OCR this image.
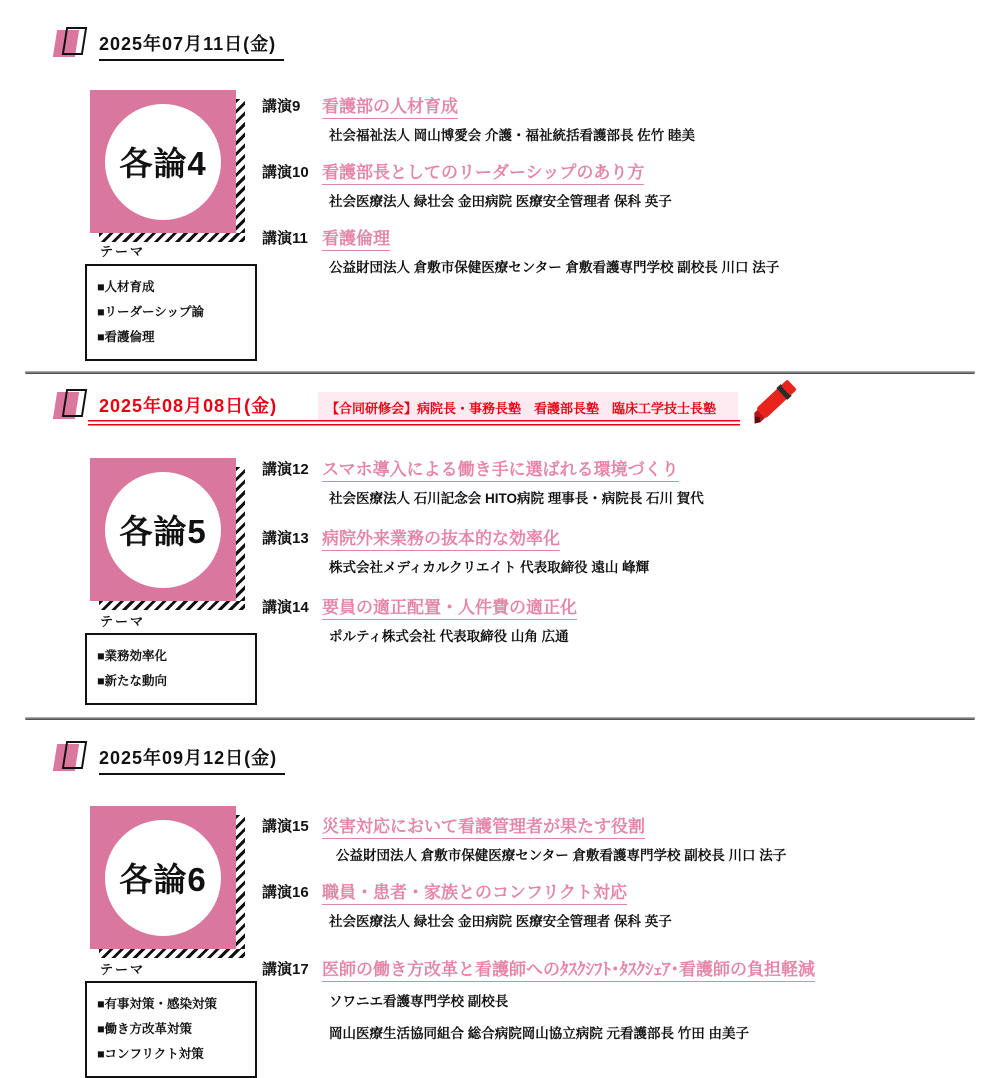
2025年07月11日(金)
各論4
テーマ
■人材育成
■リーダーシップ論
■看護倫理
講演9	看護部の人材育成
社会福祉法人 岡山博愛会 介護・福祉統括看護部長 佐竹 睦美
講演10 看護部長としてのリーダーシップのあり方
社会医療法人 緑壮会 金田病院 医療安全管理者 保科 英子
講演11 看護倫理
公益財団法人 倉敷市保健医療センター 倉敷看護専門学校 副校長 川口 法子
2025年08月08日(金)	【合同研修会】病院長・事務長塾　看護部長塾　臨床工学技士長塾
各論5
テーマ
■業務効率化
■新たな動向
講演12 スマホ導入による働き手に選ばれる環境づくり
社会医療法人 石川記念会 HITO病院 理事長・病院長 石川 賀代
講演13 病院外来業務の抜本的な効率化
株式会社メディカルクリエイト 代表取締役 遠山 峰輝
講演14 要員の適正配置・人件費の適正化
ポルティ株式会社 代表取締役 山角 広通
2025年09月12日(金)
各論6
テーマ
■有事対策・感染対策
■働き方改革対策
■コンフリクト対策
講演15 災害対応において看護管理者が果たす役割
公益財団法人 倉敷市保健医療センター 倉敷看護専門学校 副校長 川口 法子
講演16 職員・患者・家族とのコンフリクト対応
社会医療法人 緑壮会 金田病院 医療安全管理者 保科 英子
講演17 医師の働き方改革と看護師へのﾀｽｸｼﾌﾄ･ﾀｽｸｼｪｱ･看護師の負担軽減
ソワニエ看護専門学校 副校長
岡山医療生活協同組合 総合病院岡山協立病院 元看護部長 竹田 由美子
